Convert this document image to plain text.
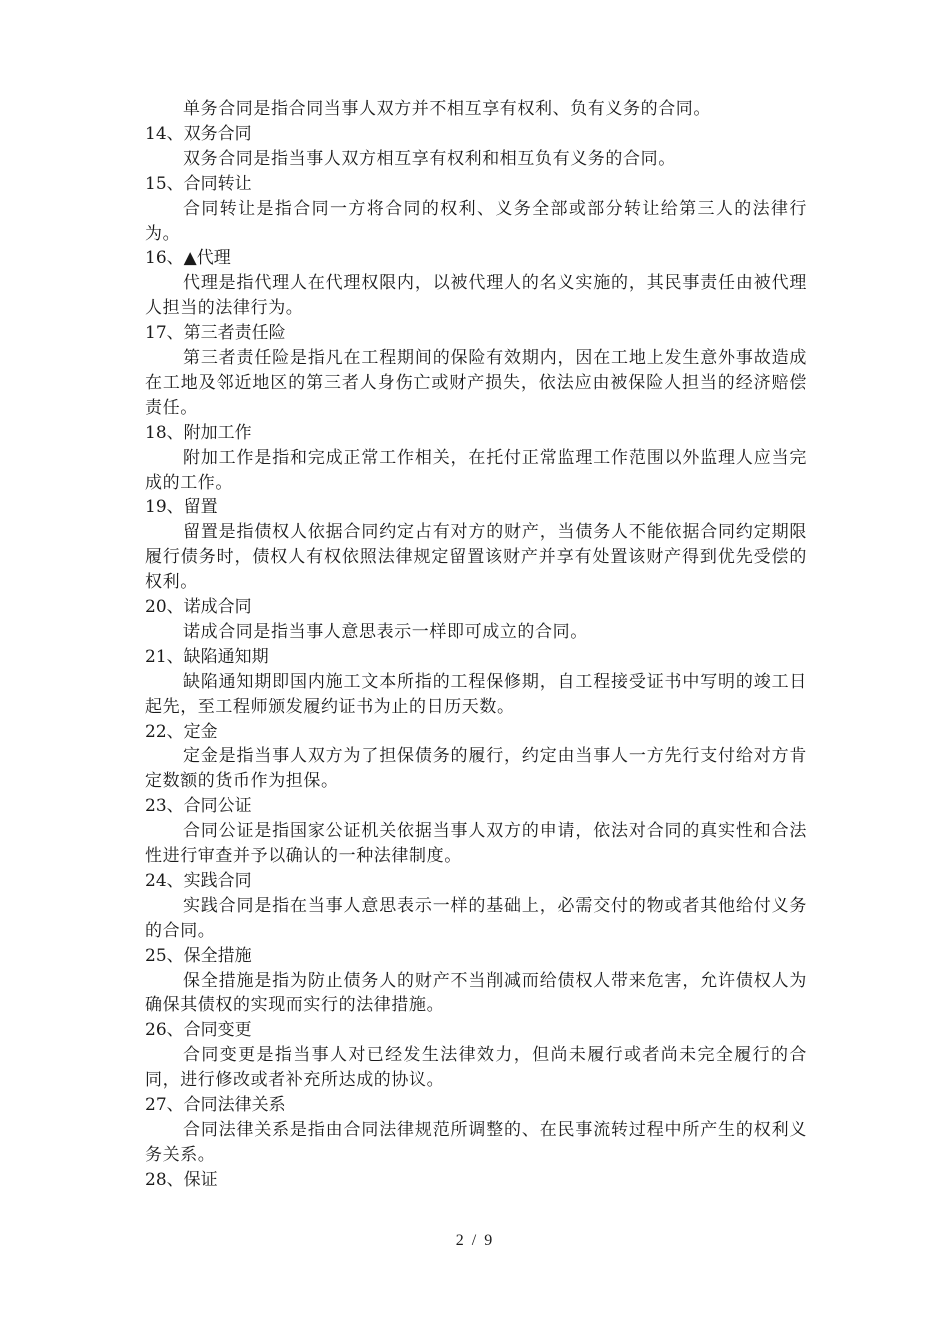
单务合同是指合同当事人双方并不相互享有权利、负有义务的合同。

14、双务合同

双务合同是指当事人双方相互享有权利和相互负有义务的合同。

15、合同转让

合同转让是指合同一方将合同的权利、义务全部或部分转让给第三人的法律行为。

16、▲代理

代理是指代理人在代理权限内，以被代理人的名义实施的，其民事责任由被代理人担当的法律行为。

17、第三者责任险

第三者责任险是指凡在工程期间的保险有效期内，因在工地上发生意外事故造成在工地及邻近地区的第三者人身伤亡或财产损失，依法应由被保险人担当的经济赔偿责任。

18、附加工作

附加工作是指和完成正常工作相关，在托付正常监理工作范围以外监理人应当完成的工作。

19、留置

留置是指债权人依据合同约定占有对方的财产，当债务人不能依据合同约定期限履行债务时，债权人有权依照法律规定留置该财产并享有处置该财产得到优先受偿的权利。

20、诺成合同

诺成合同是指当事人意思表示一样即可成立的合同。

21、缺陷通知期

缺陷通知期即国内施工文本所指的工程保修期，自工程接受证书中写明的竣工日起先，至工程师颁发履约证书为止的日历天数。

22、定金

定金是指当事人双方为了担保债务的履行，约定由当事人一方先行支付给对方肯定数额的货币作为担保。

23、合同公证

合同公证是指国家公证机关依据当事人双方的申请，依法对合同的真实性和合法性进行审查并予以确认的一种法律制度。

24、实践合同

实践合同是指在当事人意思表示一样的基础上，必需交付的物或者其他给付义务的合同。

25、保全措施

保全措施是指为防止债务人的财产不当削减而给债权人带来危害，允许债权人为确保其债权的实现而实行的法律措施。

26、合同变更

合同变更是指当事人对已经发生法律效力，但尚未履行或者尚未完全履行的合同，进行修改或者补充所达成的协议。

27、合同法律关系

合同法律关系是指由合同法律规范所调整的、在民事流转过程中所产生的权利义务关系。

28、保证

2 / 9
